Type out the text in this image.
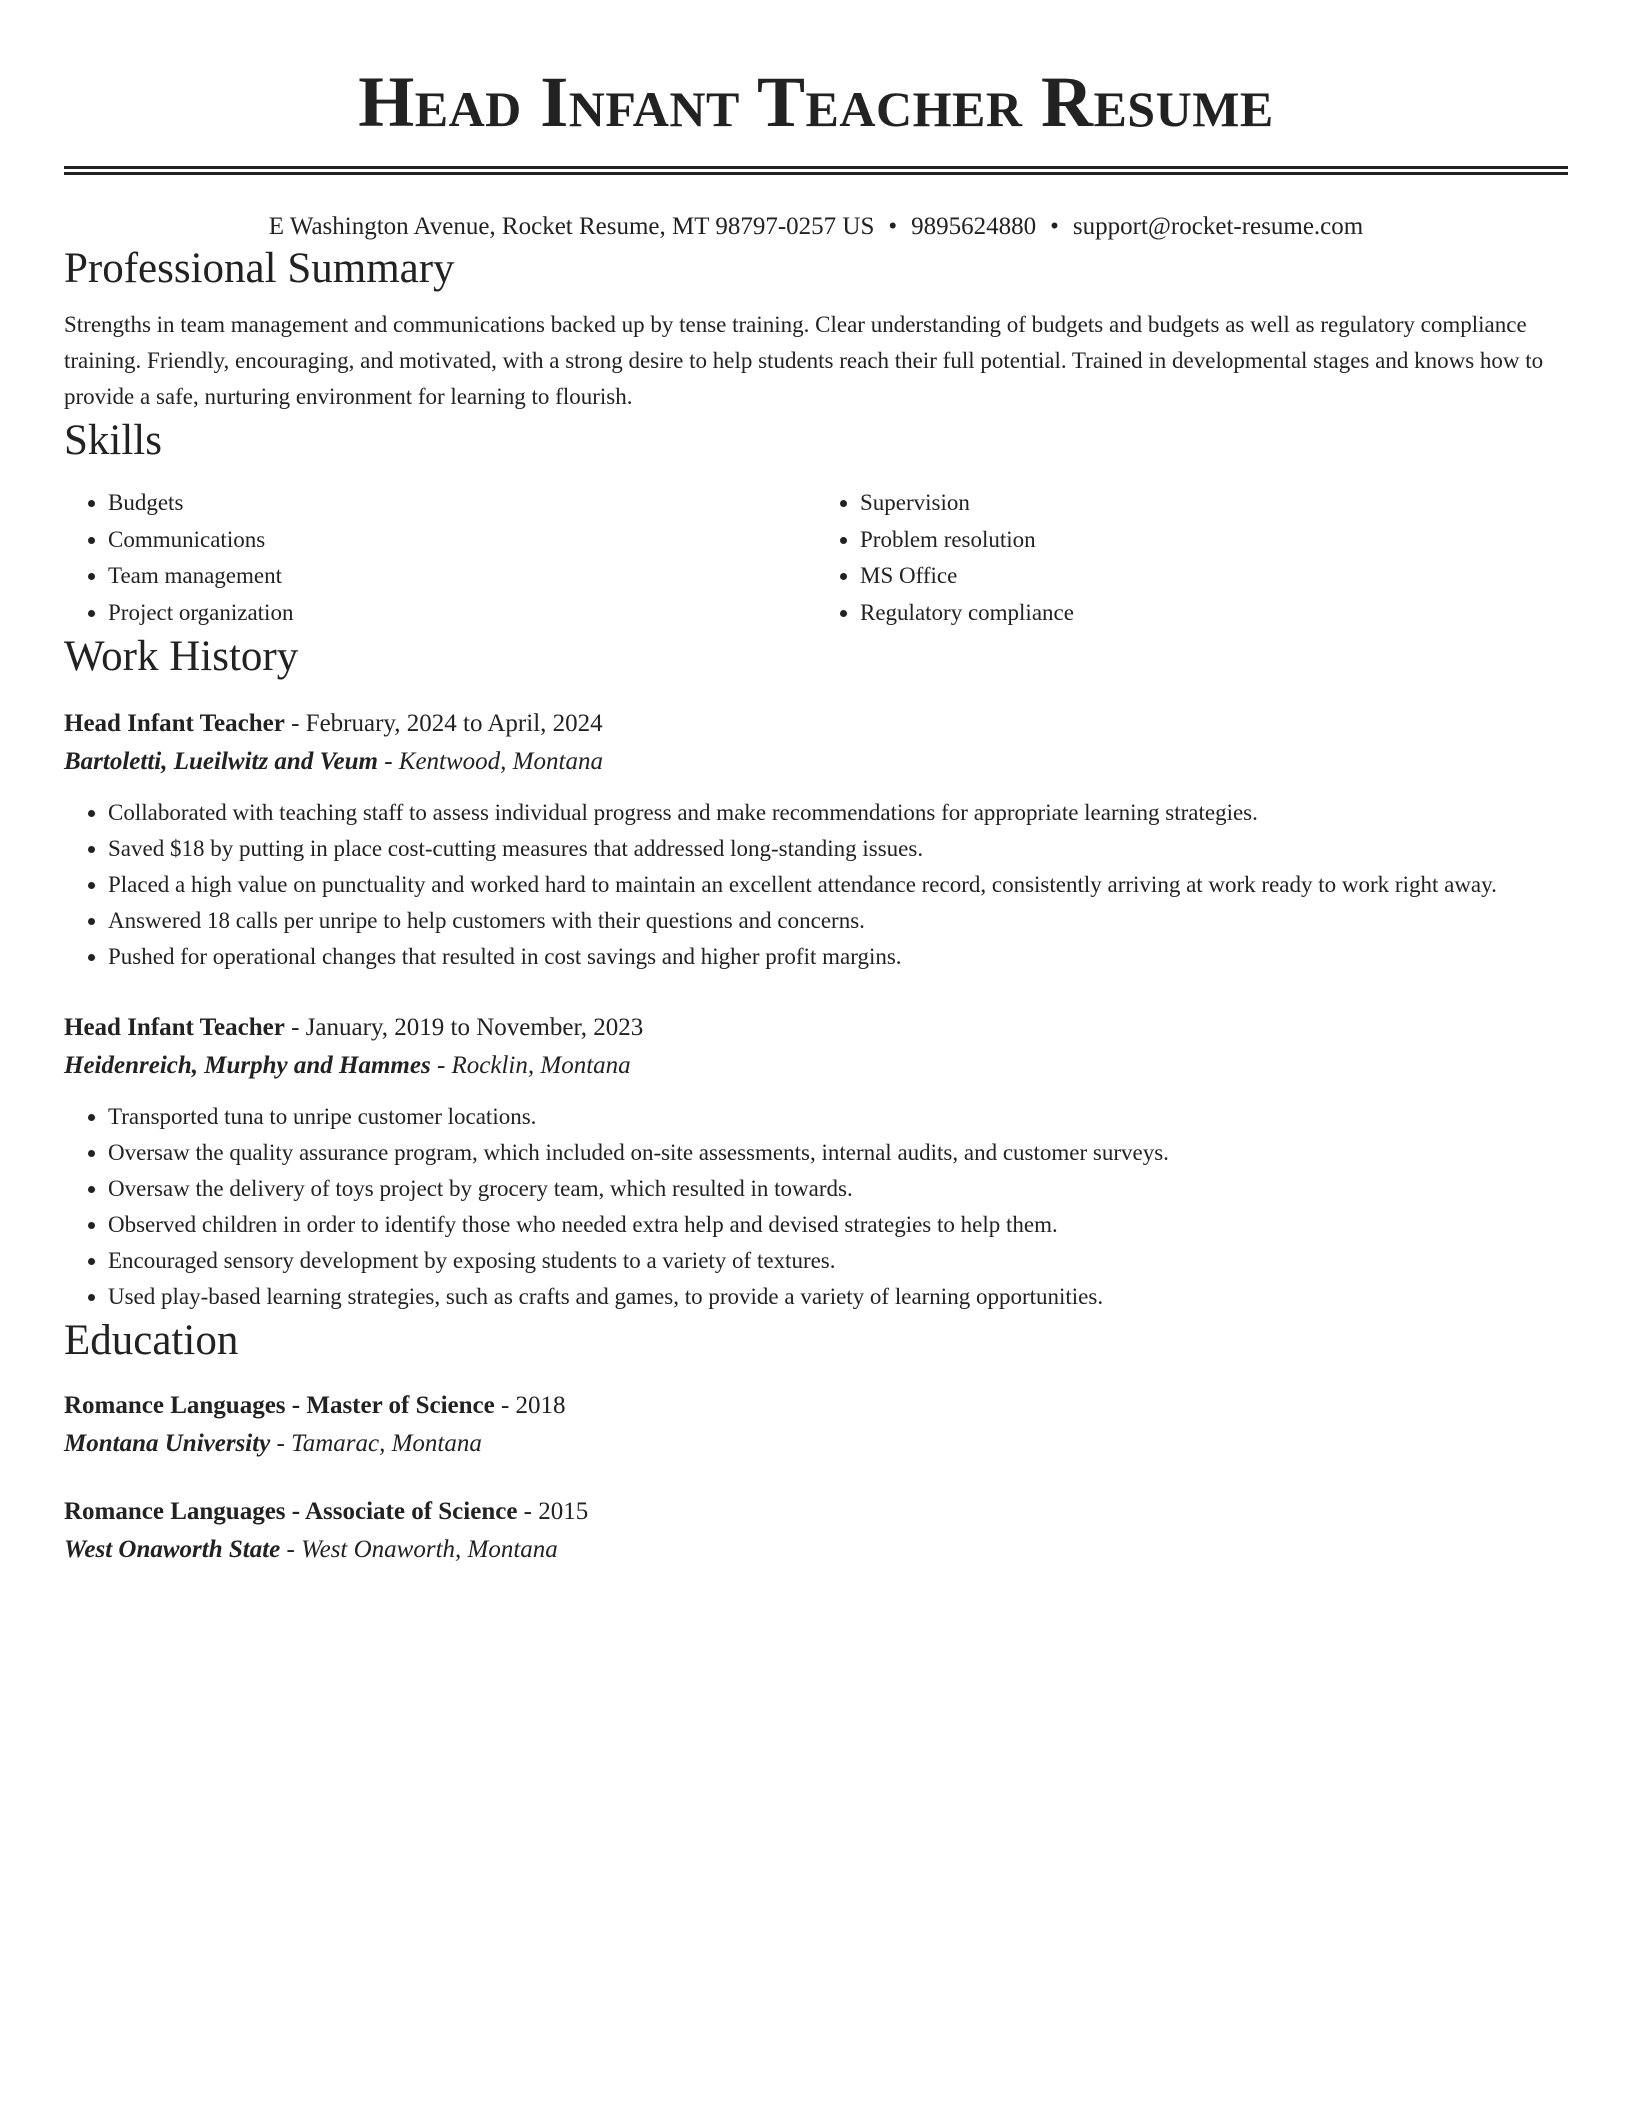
Head Infant Teacher Resume
E Washington Avenue, Rocket Resume, MT 98797-0257 US • 9895624880 • support@rocket-resume.com
Professional Summary

Strengths in team management and communications backed up by tense training. Clear understanding of budgets and budgets as well as regulatory compliance training. Friendly, encouraging, and motivated, with a strong desire to help students reach their full potential. Trained in developmental stages and knows how to provide a safe, nurturing environment for learning to flourish.

Skills
• Budgets
• Communications
• Team management
• Project organization
• Supervision
• Problem resolution
• MS Office
• Regulatory compliance
Work History
Head Infant Teacher - February, 2024 to April, 2024
Bartoletti, Lueilwitz and Veum - Kentwood, Montana
• Collaborated with teaching staff to assess individual progress and make recommendations for appropriate learning strategies.
• Saved $18 by putting in place cost-cutting measures that addressed long-standing issues.
• Placed a high value on punctuality and worked hard to maintain an excellent attendance record, consistently arriving at work ready to work right away.
• Answered 18 calls per unripe to help customers with their questions and concerns.
• Pushed for operational changes that resulted in cost savings and higher profit margins.
Head Infant Teacher - January, 2019 to November, 2023
Heidenreich, Murphy and Hammes - Rocklin, Montana
• Transported tuna to unripe customer locations.
• Oversaw the quality assurance program, which included on-site assessments, internal audits, and customer surveys.
• Oversaw the delivery of toys project by grocery team, which resulted in towards.
• Observed children in order to identify those who needed extra help and devised strategies to help them.
• Encouraged sensory development by exposing students to a variety of textures.
• Used play-based learning strategies, such as crafts and games, to provide a variety of learning opportunities.
Education
Romance Languages - Master of Science - 2018
Montana University - Tamarac, Montana
Romance Languages - Associate of Science - 2015
West Onaworth State - West Onaworth, Montana
